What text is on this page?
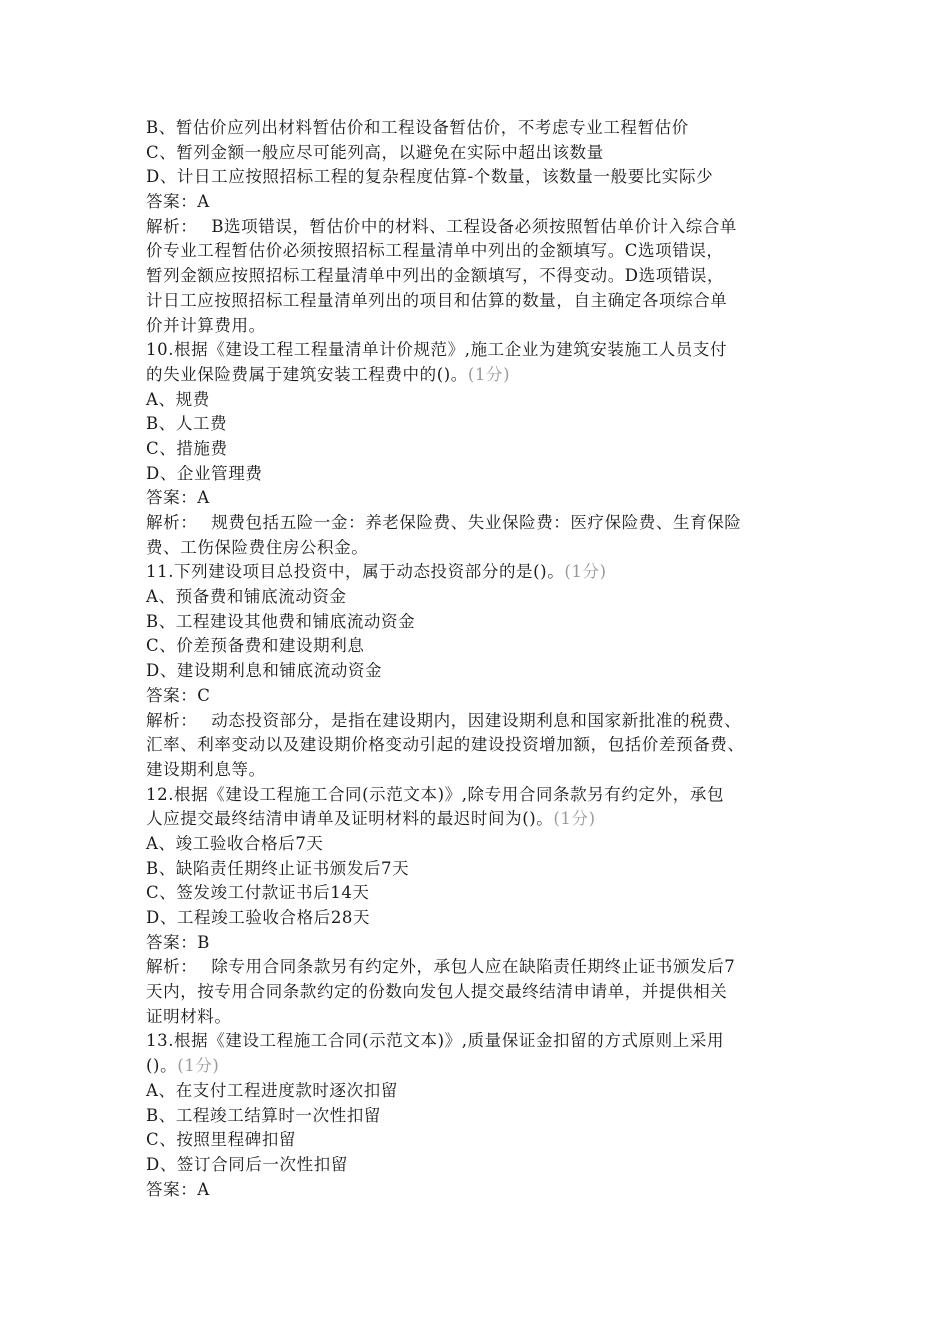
B、暂估价应列出材料暂估价和工程设备暂估价，不考虑专业工程暂估价
C、暂列金额一般应尽可能列高，以避免在实际中超出该数量
D、计日工应按照招标工程的复杂程度估算-个数量，该数量一般要比实际少
答案：A
解析： B选项错误，暂估价中的材料、工程设备必须按照暂估单价计入综合单
价专业工程暂估价必须按照招标工程量清单中列出的金额填写。C选项错误，
暂列金额应按照招标工程量清单中列出的金额填写，不得变动。D选项错误，
计日工应按照招标工程量清单列出的项目和估算的数量，自主确定各项综合单
价并计算费用。
10.根据《建设工程工程量清单计价规范》,施工企业为建筑安装施工人员支付
的失业保险费属于建筑安装工程费中的()。(1分)
A、规费
B、人工费
C、措施费
D、企业管理费
答案：A
解析： 规费包括五险一金：养老保险费、失业保险费：医疗保险费、生育保险
费、工伤保险费住房公积金。
11.下列建设项目总投资中，属于动态投资部分的是()。(1分)
A、预备费和铺底流动资金
B、工程建设其他费和铺底流动资金
C、价差预备费和建设期利息
D、建设期利息和铺底流动资金
答案：C
解析： 动态投资部分，是指在建设期内，因建设期利息和国家新批准的税费、
汇率、利率变动以及建设期价格变动引起的建设投资增加额，包括价差预备费、
建设期利息等。
12.根据《建设工程施工合同(示范文本)》,除专用合同条款另有约定外，承包
人应提交最终结清申请单及证明材料的最迟时间为()。(1分)
A、竣工验收合格后7天
B、缺陷责任期终止证书颁发后7天
C、签发竣工付款证书后14天
D、工程竣工验收合格后28天
答案：B
解析： 除专用合同条款另有约定外，承包人应在缺陷责任期终止证书颁发后7
天内，按专用合同条款约定的份数向发包人提交最终结清申请单，并提供相关
证明材料。
13.根据《建设工程施工合同(示范文本)》,质量保证金扣留的方式原则上采用
()。(1分)
A、在支付工程进度款时逐次扣留
B、工程竣工结算时一次性扣留
C、按照里程碑扣留
D、签订合同后一次性扣留
答案：A
